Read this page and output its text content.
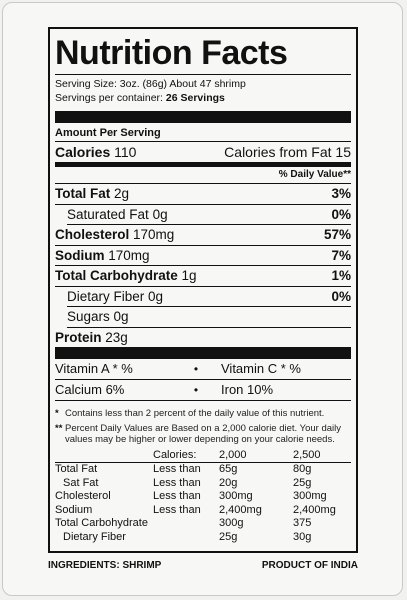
Nutrition Facts
Serving Size: 3oz. (86g) About 47 shrimp
Servings per container: 26 Servings
Amount Per Serving
Calories 110	Calories from Fat 15
% Daily Value**
Total Fat 2g	3%
Saturated Fat 0g	0%
Cholesterol 170mg	57%
Sodium 170mg	7%
Total Carbohydrate 1g	1%
Dietary Fiber 0g	0%
Sugars 0g
Protein 23g
Vitamin A * %	•	Vitamin C * %
Calcium 6%	•	Iron 10%
* Contains less than 2 percent of the daily value of this nutrient.
** Percent Daily Values are Based on a 2,000 calorie diet. Your daily values may be higher or lower depending on your calorie needs.
	Calories:	2,000	2,500
Total Fat	Less than	65g	80g
Sat Fat	Less than	20g	25g
Cholesterol	Less than	300mg	300mg
Sodium	Less than	2,400mg	2,400mg
Total Carbohydrate		300g	375
Dietary Fiber		25g	30g
INGREDIENTS: SHRIMP	PRODUCT OF INDIA
